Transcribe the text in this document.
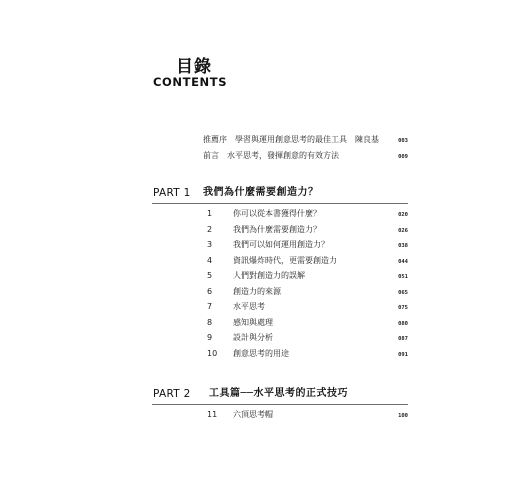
目錄
CONTENTS
推薦序　學習與運用創意思考的最佳工具　陳良基	003
前言　水平思考，發揮創意的有效方法	009
PART 1 我們為什麼需要創造力？
1	你可以從本書獲得什麼？	020
2	我們為什麼需要創造力？	026
3	我們可以如何運用創造力？	038
4	資訊爆炸時代，更需要創造力	044
5	人們對創造力的誤解	051
6	創造力的來源	065
7	水平思考	075
8	感知與處理	080
9	設計與分析	087
10 創意思考的用途	091
PART 2 工具篇──水平思考的正式技巧
11 六頂思考帽	100
